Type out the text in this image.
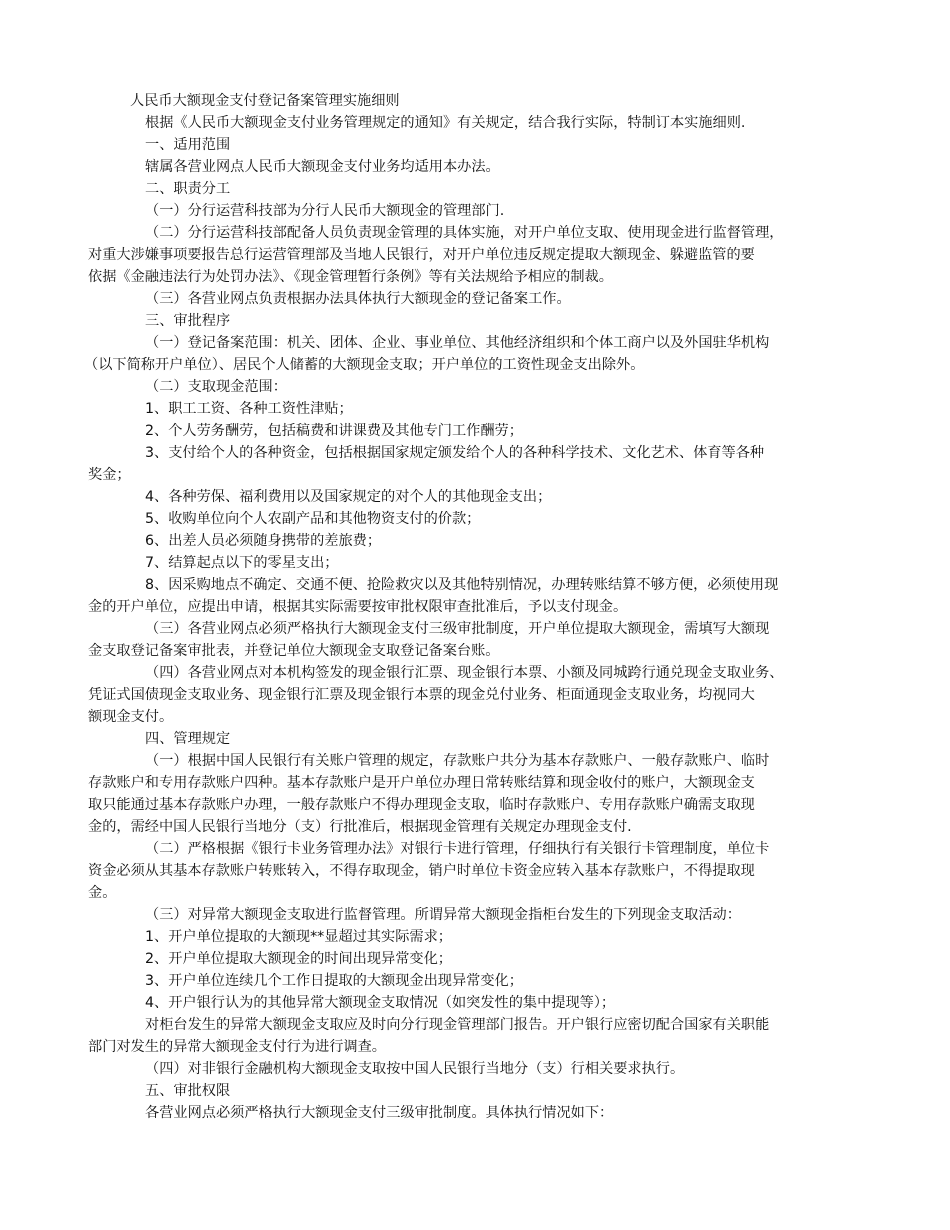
人民币大额现金支付登记备案管理实施细则
根据《人民币大额现金支付业务管理规定的通知》有关规定，结合我行实际，特制订本实施细则.
一、适用范围
辖属各营业网点人民币大额现金支付业务均适用本办法。
二、职责分工
（一）分行运营科技部为分行人民币大额现金的管理部门.
（二）分行运营科技部配备人员负责现金管理的具体实施，对开户单位支取、使用现金进行监督管理，
对重大涉嫌事项要报告总行运营管理部及当地人民银行，对开户单位违反规定提取大额现金、躲避监管的要
依据《金融违法行为处罚办法》、《现金管理暂行条例》等有关法规给予相应的制裁。
（三）各营业网点负责根据办法具体执行大额现金的登记备案工作。
三、审批程序
（一）登记备案范围：机关、团体、企业、事业单位、其他经济组织和个体工商户以及外国驻华机构
（以下简称开户单位）、居民个人储蓄的大额现金支取；开户单位的工资性现金支出除外。
（二）支取现金范围：
1、职工工资、各种工资性津贴；
2、个人劳务酬劳，包括稿费和讲课费及其他专门工作酬劳；
3、支付给个人的各种资金，包括根据国家规定颁发给个人的各种科学技术、文化艺术、体育等各种
奖金；
4、各种劳保、福利费用以及国家规定的对个人的其他现金支出；
5、收购单位向个人农副产品和其他物资支付的价款；
6、出差人员必须随身携带的差旅费；
7、结算起点以下的零星支出；
8、因采购地点不确定、交通不便、抢险救灾以及其他特别情况，办理转账结算不够方便，必须使用现
金的开户单位，应提出申请，根据其实际需要按审批权限审查批准后，予以支付现金。
（三）各营业网点必须严格执行大额现金支付三级审批制度，开户单位提取大额现金，需填写大额现
金支取登记备案审批表，并登记单位大额现金支取登记备案台账。
（四）各营业网点对本机构签发的现金银行汇票、现金银行本票、小额及同城跨行通兑现金支取业务、
凭证式国债现金支取业务、现金银行汇票及现金银行本票的现金兑付业务、柜面通现金支取业务，均视同大
额现金支付。
四、管理规定
（一）根据中国人民银行有关账户管理的规定，存款账户共分为基本存款账户、一般存款账户、临时
存款账户和专用存款账户四种。基本存款账户是开户单位办理日常转账结算和现金收付的账户，大额现金支
取只能通过基本存款账户办理，一般存款账户不得办理现金支取，临时存款账户、专用存款账户确需支取现
金的，需经中国人民银行当地分（支）行批准后，根据现金管理有关规定办理现金支付.
（二）严格根据《银行卡业务管理办法》对银行卡进行管理，仔细执行有关银行卡管理制度，单位卡
资金必须从其基本存款账户转账转入，不得存取现金，销户时单位卡资金应转入基本存款账户，不得提取现
金。
（三）对异常大额现金支取进行监督管理。所谓异常大额现金指柜台发生的下列现金支取活动：
1、开户单位提取的大额现**显超过其实际需求；
2、开户单位提取大额现金的时间出现异常变化；
3、开户单位连续几个工作日提取的大额现金出现异常变化；
4、开户银行认为的其他异常大额现金支取情况（如突发性的集中提现等）；
对柜台发生的异常大额现金支取应及时向分行现金管理部门报告。开户银行应密切配合国家有关职能
部门对发生的异常大额现金支付行为进行调查。
（四）对非银行金融机构大额现金支取按中国人民银行当地分（支）行相关要求执行。
五、审批权限
各营业网点必须严格执行大额现金支付三级审批制度。具体执行情况如下：
